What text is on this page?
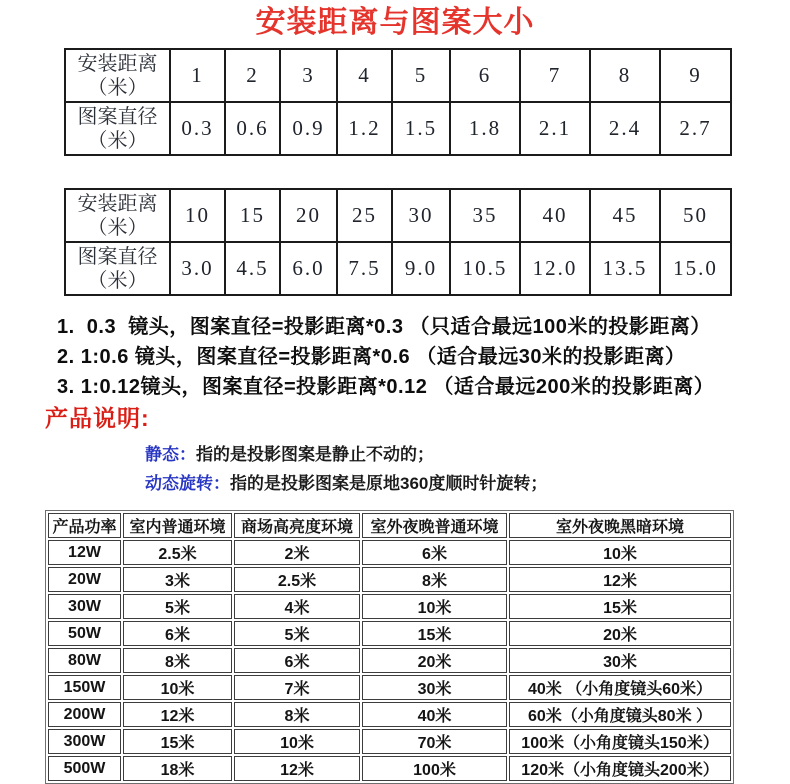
安装距离与图案大小
安装距离
（米）	1	2	3	4	5	6	7	8	9

图案直径
（米）	0.3	0.6	0.9	1.2	1.5	1.8	2.1	2.4	2.7
安装距离
（米）	10	15	20	25	30	35	40	45	50

图案直径
（米）	3.0	4.5	6.0	7.5	9.0	10.5	12.0	13.5	15.0

1.  0.3  镜头，图案直径=投影距离*0.3 （只适合最远100米的投影距离）

2. 1:0.6 镜头，图案直径=投影距离*0.6 （适合最远30米的投影距离）

3. 1:0.12镜头，图案直径=投影距离*0.12 （适合最远200米的投影距离）

产品说明:

静态：指的是投影图案是静止不动的；

动态旋转：指的是投影图案是原地360度顺时针旋转；

产品功率	室内普通环境	商场高亮度环境	室外夜晚普通环境	室外夜晚黑暗环境
12W	2.5米	2米	6米	10米
20W	3米	2.5米	8米	12米
30W	5米	4米	10米	15米
50W	6米	5米	15米	20米
80W	8米	6米	20米	30米
150W	10米	7米	30米	40米 （小角度镜头60米）
200W	12米	8米	40米	60米（小角度镜头80米 ）
300W	15米	10米	70米	100米（小角度镜头150米）
500W	18米	12米	100米	120米（小角度镜头200米）
